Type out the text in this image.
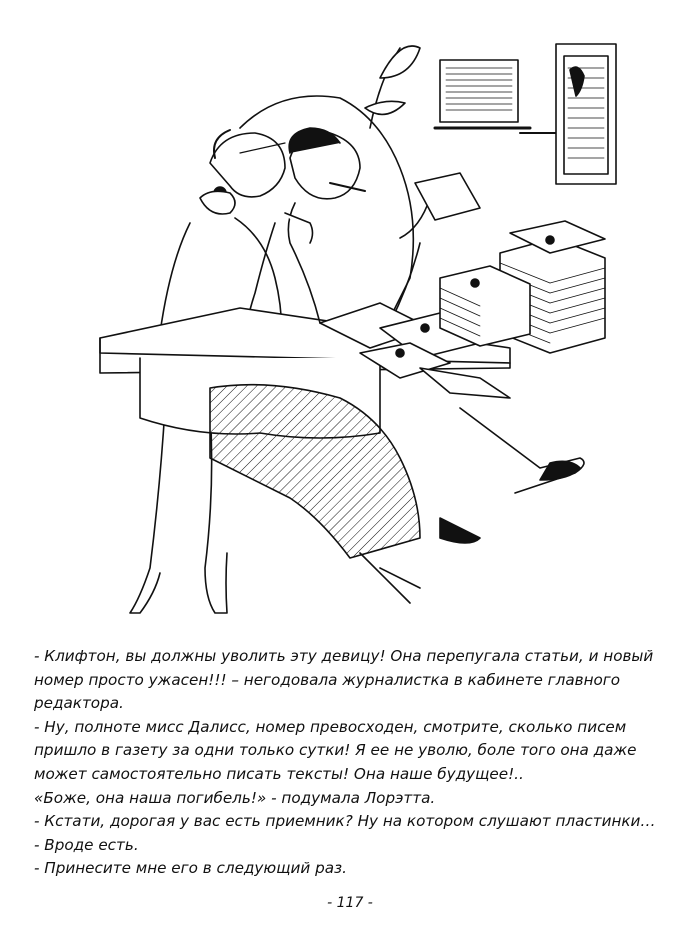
- Клифтон, вы должны уволить эту девицу! Она перепугала статьи, и новый
номер просто ужасен!!! – негодовала журналистка в кабинете главного
редактора.
- Ну, полноте мисс Далисс, номер превосходен, смотрите, сколько писем
пришло в газету за одни только сутки! Я ее не уволю, боле того она даже
может самостоятельно писать тексты! Она наше будущее!..
«Боже, она наша погибель!» - подумала Лорэтта.
- Кстати, дорогая у вас есть приемник? Ну на котором слушают пластинки…
- Вроде есть.
- Принесите мне его в следующий раз.
- 117 -
